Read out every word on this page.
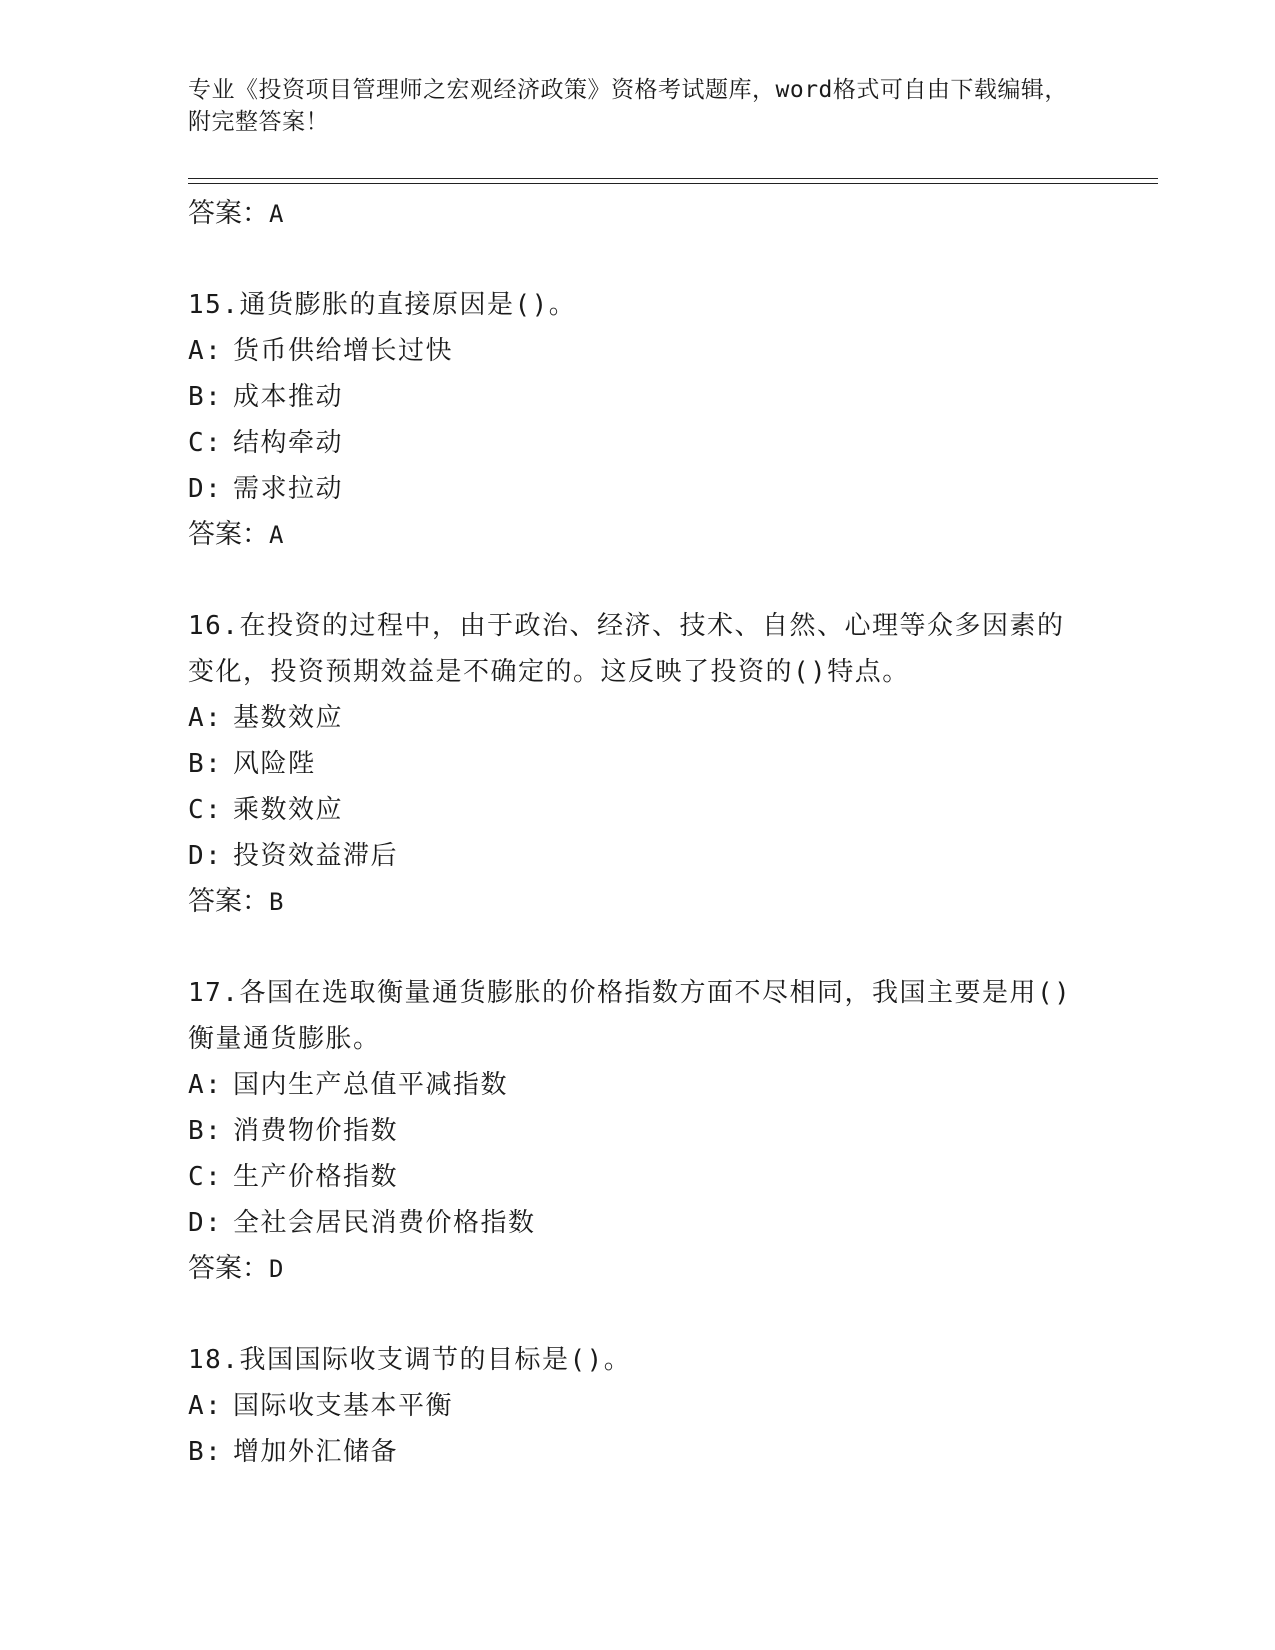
专业《投资项目管理师之宏观经济政策》资格考试题库，word格式可自由下载编辑，附完整答案！

答案：A

15.通货膨胀的直接原因是()。

A: 货币供给增长过快

B: 成本推动

C: 结构牵动

D: 需求拉动

答案：A

16.在投资的过程中，由于政治、经济、技术、自然、心理等众多因素的变化，投资预期效益是不确定的。这反映了投资的()特点。

A: 基数效应

B: 风险陛

C: 乘数效应

D: 投资效益滞后

答案：B

17.各国在选取衡量通货膨胀的价格指数方面不尽相同，我国主要是用()衡量通货膨胀。

A: 国内生产总值平减指数

B: 消费物价指数

C: 生产价格指数

D: 全社会居民消费价格指数

答案：D

18.我国国际收支调节的目标是()。

A: 国际收支基本平衡

B: 增加外汇储备
